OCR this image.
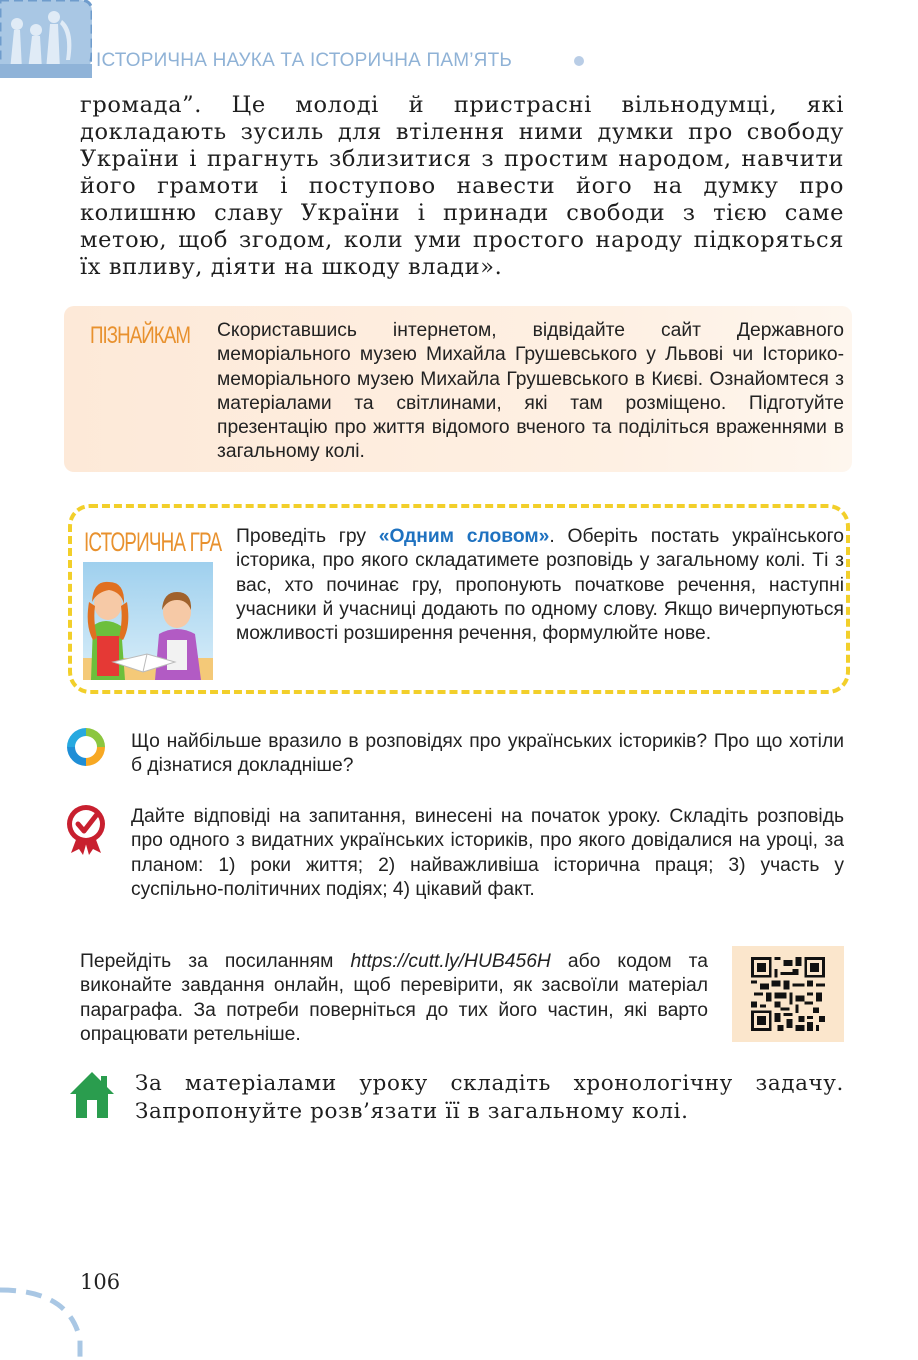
ІСТОРИЧНА НАУКА ТА ІСТОРИЧНА ПАМ’ЯТЬ

громада”. Це молоді й пристрасні вільнодумці, які докладають зусиль для втілення ними думки про свободу України і прагнуть зблизитися з простим народом, навчити його грамоти і поступово навести його на думку про колишню славу України і принади свободи з тією саме метою, щоб згодом, коли уми простого народу підкоряться їх впливу, діяти на шкоду влади».

ПІЗНАЙКАМ Скориставшись інтернетом, відвідайте сайт Державного меморіального музею Михайла Грушевського у Львові чи Історико-меморіального музею Михайла Грушевського в Києві. Ознайомтеся з матеріалами та світлинами, які там розміщено. Підготуйте презентацію про життя відомого вченого та поділіться враженнями в загальному колі.

ІСТОРИЧНА ГРА Проведіть гру «Одним словом». Оберіть постать українського історика, про якого складатимете розповідь у загальному колі. Ті з вас, хто починає гру, пропонують початкове речення, наступні учасники й учасниці додають по одному слову. Якщо вичерпуються можливості розширення речення, формулюйте нове.

Що найбільше вразило в розповідях про українських істориків? Про що хотіли б дізнатися докладніше?

Дайте відповіді на запитання, винесені на початок уроку. Складіть розповідь про одного з видатних українських істориків, про якого довідалися на уроці, за планом: 1) роки життя; 2) найважливіша історична праця; 3) участь у суспільно-політичних подіях; 4) цікавий факт.

Перейдіть за посиланням https://cutt.ly/HUB456H або кодом та виконайте завдання онлайн, щоб перевірити, як засвоїли матеріал параграфа. За потреби поверніться до тих його частин, які варто опрацювати ретельніше.

За матеріалами уроку складіть хронологічну задачу. Запропонуйте розв’язати її в загальному колі.

106
